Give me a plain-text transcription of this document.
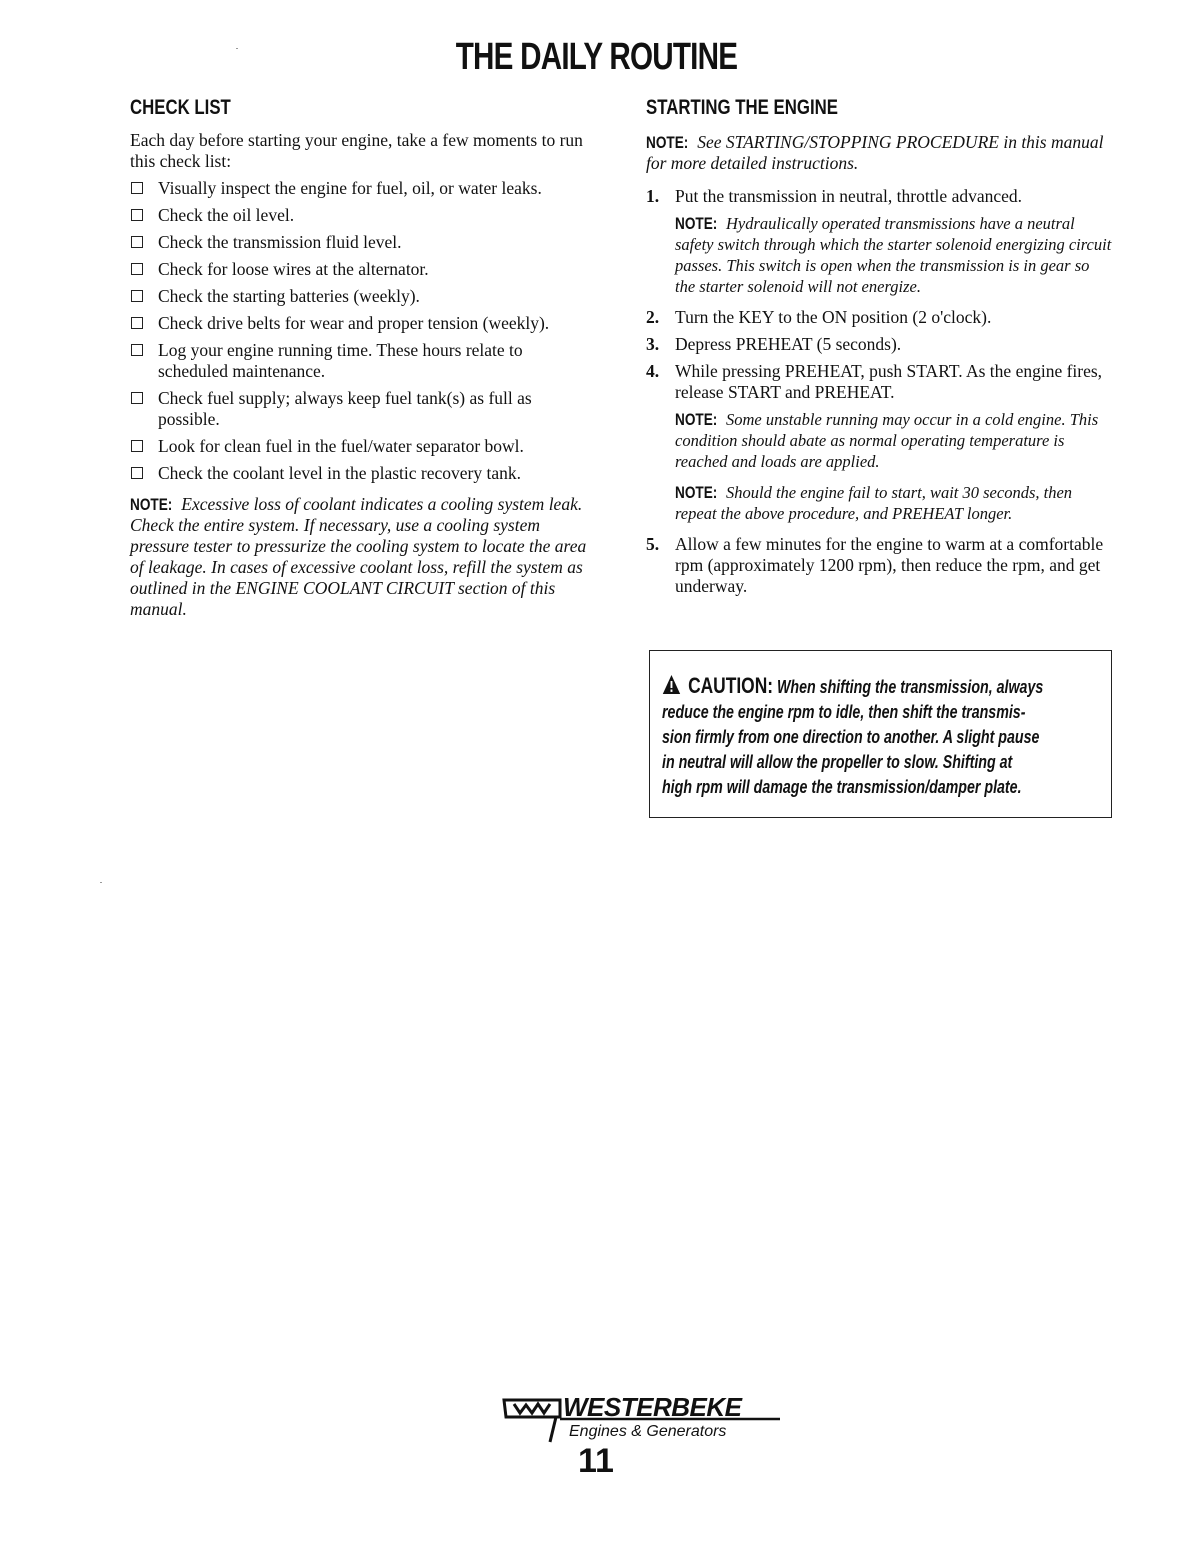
THE DAILY ROUTINE
CHECK LIST

Each day before starting your engine, take a few moments to run this check list:

Visually inspect the engine for fuel, oil, or water leaks.
Check the oil level.
Check the transmission fluid level.
Check for loose wires at the alternator.
Check the starting batteries (weekly).
Check drive belts for wear and proper tension (weekly).
Log your engine running time. These hours relate to scheduled maintenance.
Check fuel supply; always keep fuel tank(s) as full as possible.
Look for clean fuel in the fuel/water separator bowl.
Check the coolant level in the plastic recovery tank.

NOTE: Excessive loss of coolant indicates a cooling system leak. Check the entire system. If necessary, use a cooling system pressure tester to pressurize the cooling system to locate the area of leakage. In cases of excessive coolant loss, refill the system as outlined in the ENGINE COOLANT CIRCUIT section of this manual.

STARTING THE ENGINE

NOTE: See STARTING/STOPPING PROCEDURE in this manual for more detailed instructions.

1. Put the transmission in neutral, throttle advanced.
NOTE: Hydraulically operated transmissions have a neutral safety switch through which the starter solenoid energizing circuit passes. This switch is open when the transmission is in gear so the starter solenoid will not energize.
2. Turn the KEY to the ON position (2 o'clock).
3. Depress PREHEAT (5 seconds).
4. While pressing PREHEAT, push START. As the engine fires, release START and PREHEAT.
NOTE: Some unstable running may occur in a cold engine. This condition should abate as normal operating temperature is reached and loads are applied.
NOTE: Should the engine fail to start, wait 30 seconds, then repeat the above procedure, and PREHEAT longer.
5. Allow a few minutes for the engine to warm at a comfortable rpm (approximately 1200 rpm), then reduce the rpm, and get underway.
CAUTION: When shifting the transmission, always
reduce the engine rpm to idle, then shift the transmis-
sion firmly from one direction to another. A slight pause
in neutral will allow the propeller to slow. Shifting at
high rpm will damage the transmission/damper plate.
WESTERBEKE
Engines & Generators
11
